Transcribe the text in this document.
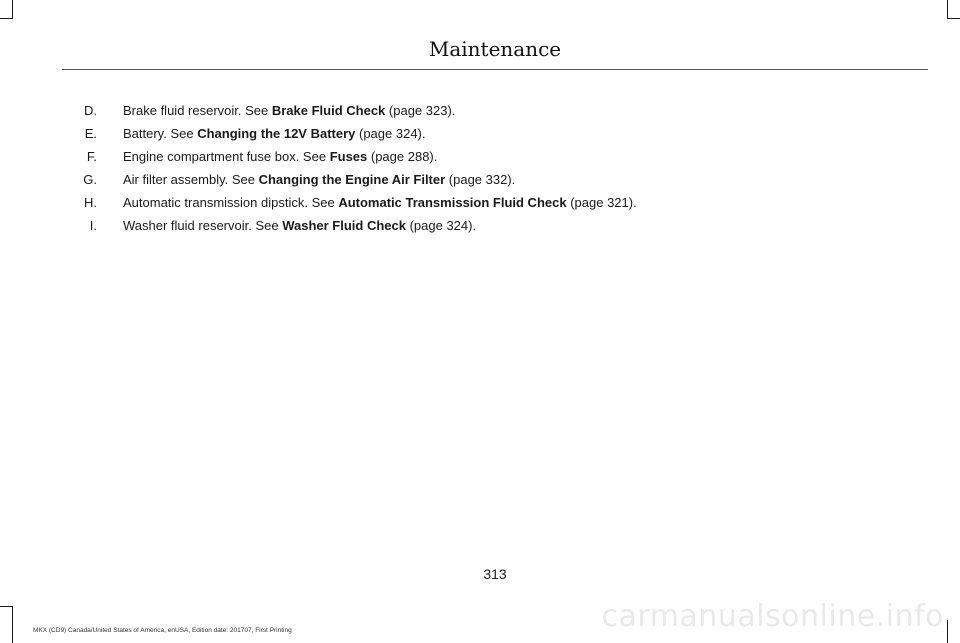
Maintenance
D. Brake fluid reservoir. See Brake Fluid Check (page 323).
E. Battery. See Changing the 12V Battery (page 324).
F. Engine compartment fuse box. See Fuses (page 288).
G. Air filter assembly. See Changing the Engine Air Filter (page 332).
H. Automatic transmission dipstick. See Automatic Transmission Fluid Check (page 321).
I. Washer fluid reservoir. See Washer Fluid Check (page 324).
313
MKX (CD9) Canada/United States of America, enUSA, Edition date: 201707, First Printing	carmanualsonline.info
